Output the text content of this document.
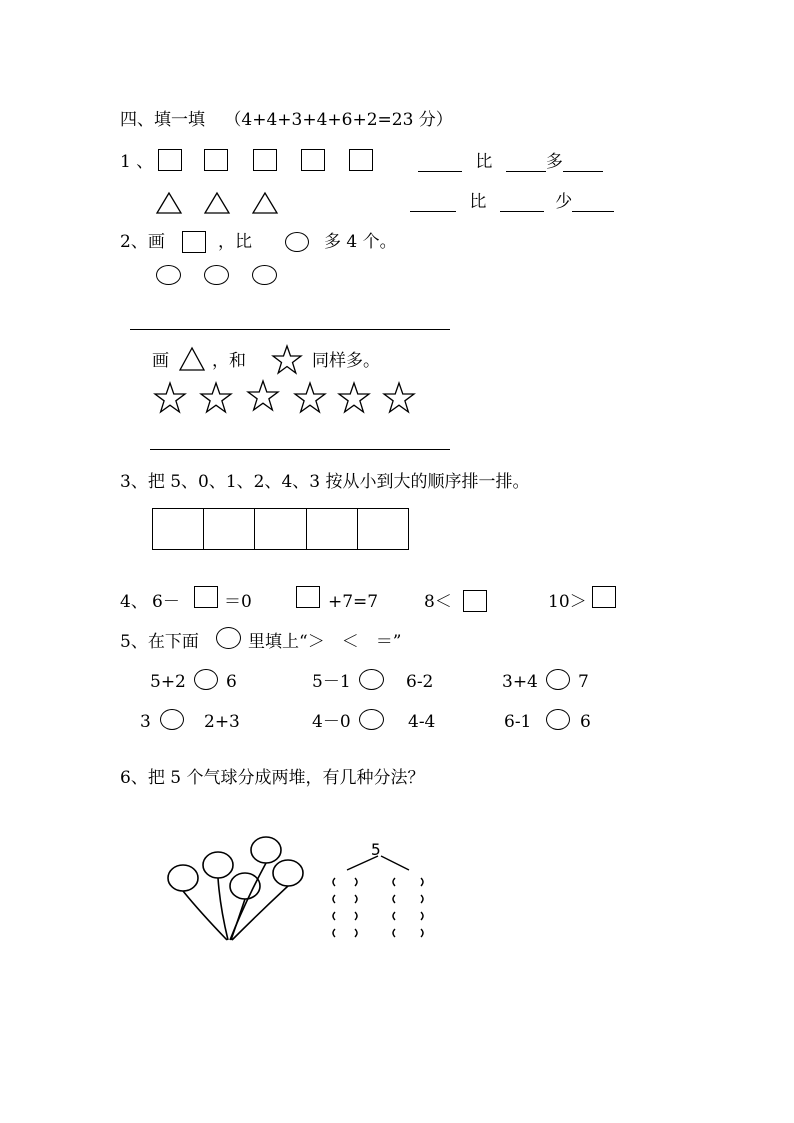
四、填一填 （4+4+3+4+6+2=23 分）
1 、	比	多
比	少
2、画	，比	多 4 个。
画	，和	同样多。
3、把 5、0、1、2、4、3 按从小到大的顺序排一排。
4、 6－	＝0	+7=7	8＜	10＞
5、在下面	里填上“＞　＜　＝”
5+2 6	5－1	6-2	3+4 7
3	2+3	4－0	4-4	6-1	6
6、把 5 个气球分成两堆，有几种分法？
5
